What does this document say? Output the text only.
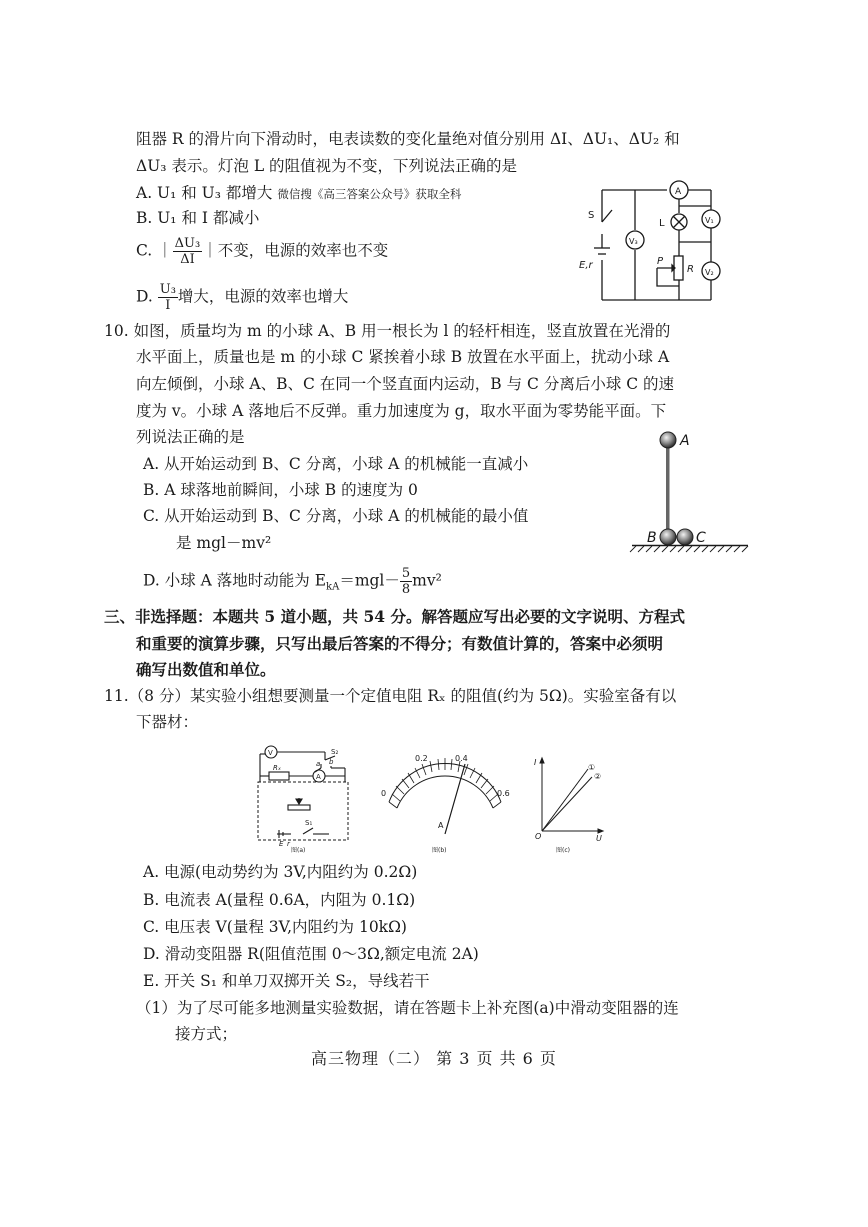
阻器 R 的滑片向下滑动时，电表读数的变化量绝对值分别用 ΔI、ΔU₁、ΔU₂ 和
ΔU₃ 表示。灯泡 L 的阻值视为不变，下列说法正确的是
A. U₁ 和 U₃ 都增大 微信搜《高三答案公众号》获取全科
B. U₁ 和 I 都减小
C. ｜ $\frac{\text{ΔU₃}}{\Delta I}$ ｜不变，电源的效率也不变
D. $\frac{\text{U₃}}{I}$ 增大，电源的效率也增大
S
E,r
A
L	V₁
V₂
V₃
P
R
10. 如图，质量均为 m 的小球 A、B 用一根长为 l 的轻杆相连，竖直放置在光滑的
水平面上，质量也是 m 的小球 C 紧挨着小球 B 放置在水平面上，扰动小球 A
向左倾倒，小球 A、B、C 在同一个竖直面内运动，B 与 C 分离后小球 C 的速
度为 v。小球 A 落地后不反弹。重力加速度为 g，取水平面为零势能平面。下
列说法正确的是
A. 从开始运动到 B、C 分离，小球 A 的机械能一直减小
B. A 球落地前瞬间，小球 B 的速度为 0
C. 从开始运动到 B、C 分离，小球 A 的机械能的最小值
是 mgl－mv²
D. 小球 A 落地时动能为 $E_{kA}=mgl- \frac{5}{8} mv^2$
A
B	C
三、非选择题：本题共 5 道小题，共 54 分。解答题应写出必要的文字说明、方程式
和重要的演算步骤，只写出最后答案的不得分；有数值计算的，答案中必须明
确写出数值和单位。
11.（8 分）某实验小组想要测量一个定值电阻 Rₓ 的阻值(约为 5Ω)。实验室备有以
下器材：
V
A
Rₓ
S₂
a b
S₁
E r
图(a)
0
0.2	0.4
0.6
A
图(b)
I
U
O
①
②
图(c)
A. 电源(电动势约为 3V,内阻约为 0.2Ω)
B. 电流表 A(量程 0.6A，内阻为 0.1Ω)
C. 电压表 V(量程 3V,内阻约为 10kΩ)
D. 滑动变阻器 R(阻值范围 0～3Ω,额定电流 2A)
E. 开关 S₁ 和单刀双掷开关 S₂，导线若干
（1）为了尽可能多地测量实验数据，请在答题卡上补充图(a)中滑动变阻器的连
接方式；
高三物理（二） 第 3 页 共 6 页
